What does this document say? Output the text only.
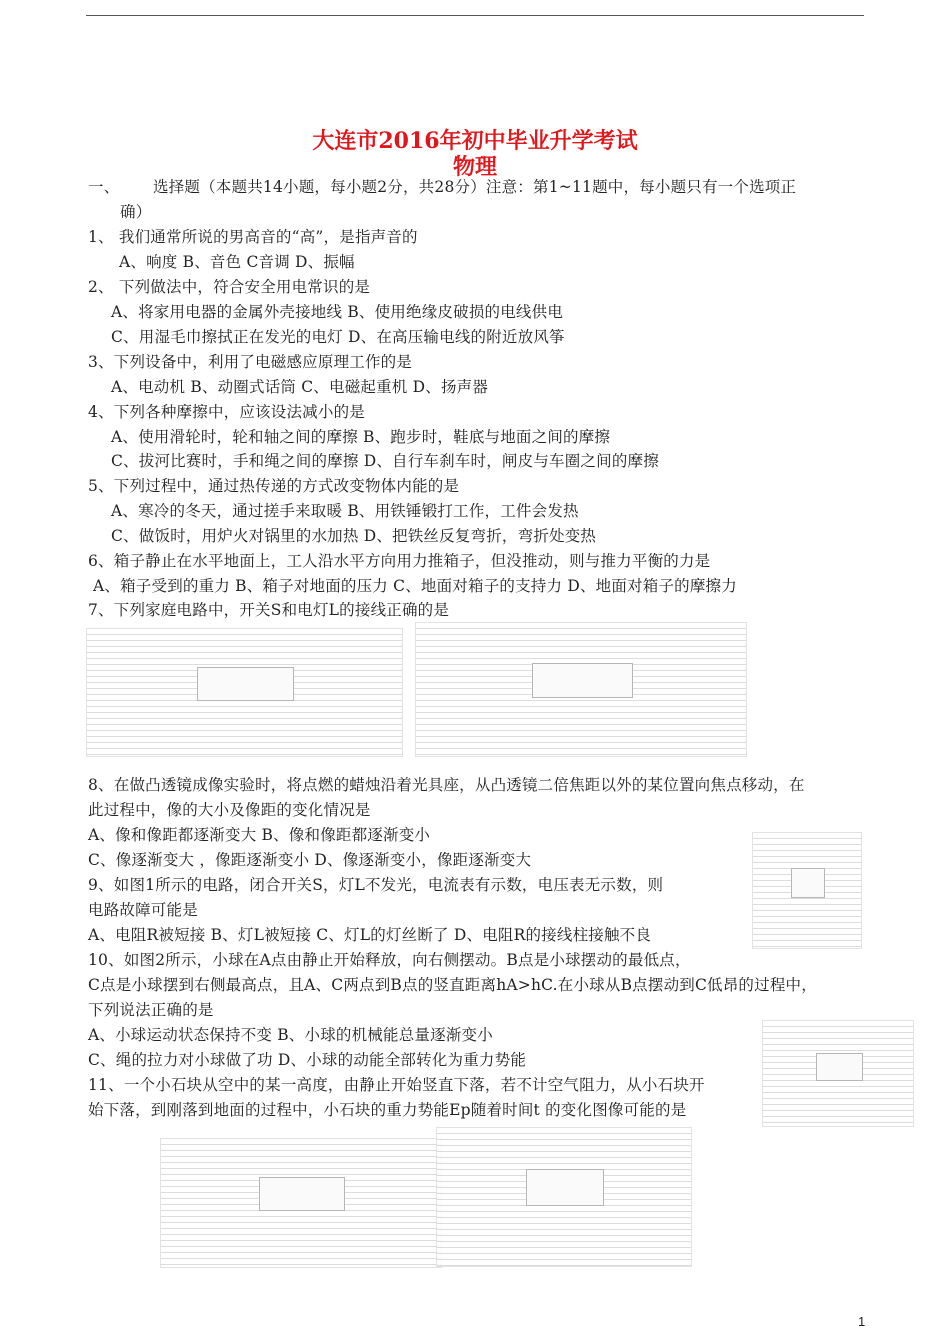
大连市2016年初中毕业升学考试
物理
一、 选择题（本题共14小题，每小题2分，共28分）注意：第1~11题中，每小题只有一个选项正
确）
1、 我们通常所说的男高音的“高”，是指声音的
A、响度 B、音色 C音调 D、振幅
2、 下列做法中，符合安全用电常识的是
A、将家用电器的金属外壳接地线 B、使用绝缘皮破损的电线供电
C、用湿毛巾擦拭正在发光的电灯 D、在高压输电线的附近放风筝
3、下列设备中，利用了电磁感应原理工作的是
A、电动机 B、动圈式话筒 C、电磁起重机 D、扬声器
4、下列各种摩擦中，应该设法减小的是
A、使用滑轮时，轮和轴之间的摩擦 B、跑步时，鞋底与地面之间的摩擦
C、拔河比赛时，手和绳之间的摩擦 D、自行车刹车时，闸皮与车圈之间的摩擦
5、下列过程中，通过热传递的方式改变物体内能的是
A、寒冷的冬天，通过搓手来取暖 B、用铁锤锻打工作，工件会发热
C、做饭时，用炉火对锅里的水加热 D、把铁丝反复弯折，弯折处变热
6、箱子静止在水平地面上，工人沿水平方向用力推箱子，但没推动，则与推力平衡的力是
A、箱子受到的重力 B、箱子对地面的压力 C、地面对箱子的支持力 D、地面对箱子的摩擦力
7、下列家庭电路中，开关S和电灯L的接线正确的是
8、在做凸透镜成像实验时，将点燃的蜡烛沿着光具座，从凸透镜二倍焦距以外的某位置向焦点移动，在
此过程中，像的大小及像距的变化情况是
A、像和像距都逐渐变大 B、像和像距都逐渐变小
C、像逐渐变大 ，像距逐渐变小 D、像逐渐变小，像距逐渐变大
9、如图1所示的电路，闭合开关S，灯L不发光，电流表有示数，电压表无示数，则
电路故障可能是
A、电阻R被短接 B、灯L被短接 C、灯L的灯丝断了 D、电阻R的接线柱接触不良
10、如图2所示，小球在A点由静止开始释放，向右侧摆动。B点是小球摆动的最低点，
C点是小球摆到右侧最高点，且A、C两点到B点的竖直距离hA>hC.在小球从B点摆动到C低昂的过程中，
下列说法正确的是
A、小球运动状态保持不变 B、小球的机械能总量逐渐变小
C、绳的拉力对小球做了功 D、小球的动能全部转化为重力势能
11、一个小石块从空中的某一高度，由静止开始竖直下落，若不计空气阻力，从小石块开
始下落，到刚落到地面的过程中，小石块的重力势能Ep随着时间t 的变化图像可能的是
1
